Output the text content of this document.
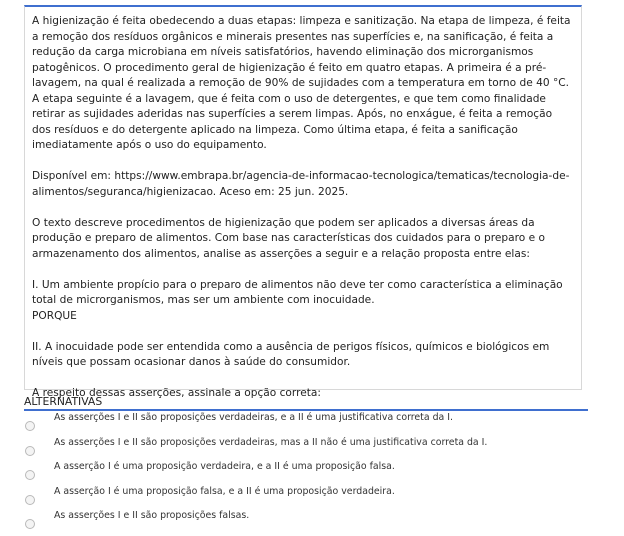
A higienização é feita obedecendo a duas etapas: limpeza e sanitização. Na etapa de limpeza, é feita a remoção dos resíduos orgânicos e minerais presentes nas superfícies e, na sanificação, é feita a redução da carga microbiana em níveis satisfatórios, havendo eliminação dos microrganismos patogênicos. O procedimento geral de higienização é feito em quatro etapas. A primeira é a pré-lavagem, na qual é realizada a remoção de 90% de sujidades com a temperatura em torno de 40 °C. A etapa seguinte é a lavagem, que é feita com o uso de detergentes, e que tem como finalidade retirar as sujidades aderidas nas superfícies a serem limpas. Após, no enxágue, é feita a remoção dos resíduos e do detergente aplicado na limpeza. Como última etapa, é feita a sanificação imediatamente após o uso do equipamento.

Disponível em: https://www.embrapa.br/agencia-de-informacao-tecnologica/tematicas/tecnologia-de-alimentos/seguranca/higienizacao. Aceso em: 25 jun. 2025.

O texto descreve procedimentos de higienização que podem ser aplicados a diversas áreas da produção e preparo de alimentos. Com base nas características dos cuidados para o preparo e o armazenamento dos alimentos, analise as asserções a seguir e a relação proposta entre elas:

I. Um ambiente propício para o preparo de alimentos não deve ter como característica a eliminação total de microrganismos, mas ser um ambiente com inocuidade.

PORQUE

II. A inocuidade pode ser entendida como a ausência de perigos físicos, químicos e biológicos em níveis que possam ocasionar danos à saúde do consumidor.

A respeito dessas asserções, assinale a opção correta:

ALTERNATIVAS
As asserções I e II são proposições verdadeiras, e a II é uma justificativa correta da I.
As asserções I e II são proposições verdadeiras, mas a II não é uma justificativa correta da I.
A asserção I é uma proposição verdadeira, e a II é uma proposição falsa.
A asserção I é uma proposição falsa, e a II é uma proposição verdadeira.
As asserções I e II são proposições falsas.
